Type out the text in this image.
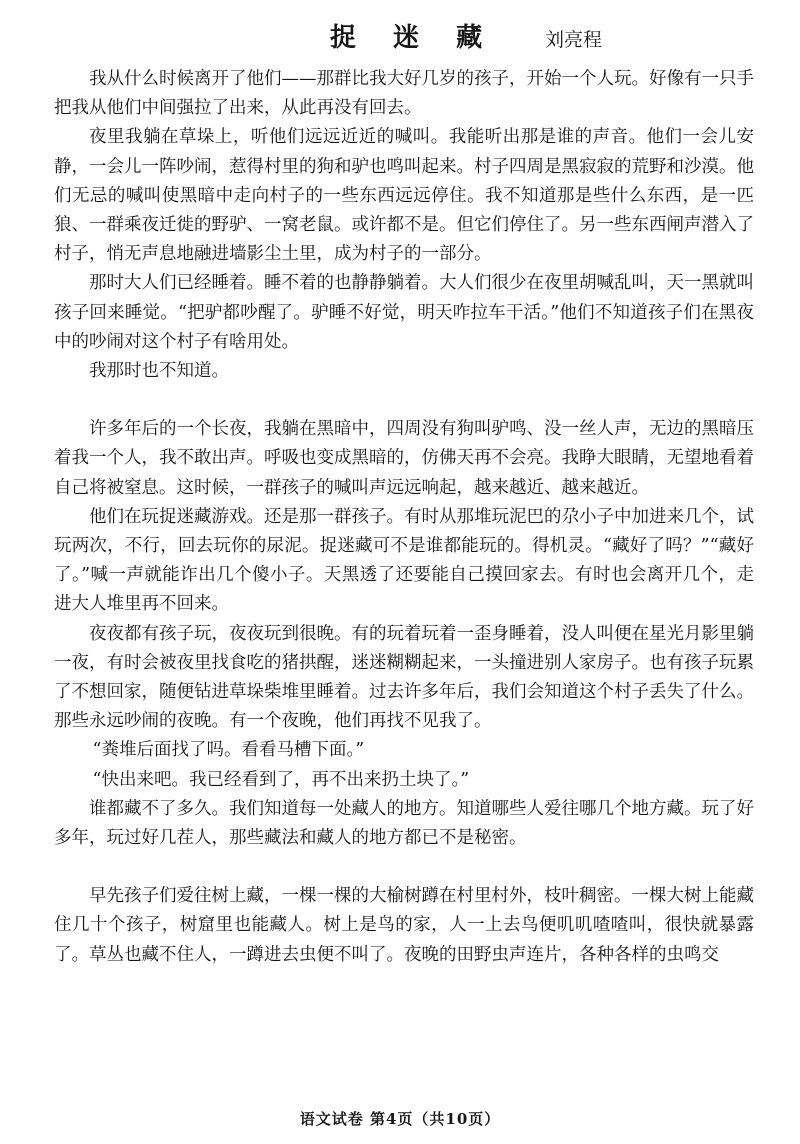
捉 迷 藏	刘亮程

我从什么时候离开了他们——那群比我大好几岁的孩子，开始一个人玩。好像有一只手把我从他们中间强拉了出来，从此再没有回去。

夜里我躺在草垛上，听他们远远近近的喊叫。我能听出那是谁的声音。他们一会儿安静，一会儿一阵吵闹，惹得村里的狗和驴也鸣叫起来。村子四周是黑寂寂的荒野和沙漠。他们无忌的喊叫使黑暗中走向村子的一些东西远远停住。我不知道那是些什么东西，是一匹狼、一群乘夜迁徙的野驴、一窝老鼠。或许都不是。但它们停住了。另一些东西闸声潜入了村子，悄无声息地融进墙影尘土里，成为村子的一部分。

那时大人们已经睡着。睡不着的也静静躺着。大人们很少在夜里胡喊乱叫，天一黑就叫孩子回来睡觉。“把驴都吵醒了。驴睡不好觉，明天咋拉车干活。”他们不知道孩子们在黑夜中的吵闹对这个村子有啥用处。

我那时也不知道。

许多年后的一个长夜，我躺在黑暗中，四周没有狗叫驴鸣、没一丝人声，无边的黑暗压着我一个人，我不敢出声。呼吸也变成黑暗的，仿佛天再不会亮。我睁大眼睛，无望地看着自己将被窒息。这时候，一群孩子的喊叫声远远响起，越来越近、越来越近。

他们在玩捉迷藏游戏。还是那一群孩子。有时从那堆玩泥巴的尕小子中加进来几个，试玩两次，不行，回去玩你的尿泥。捉迷藏可不是谁都能玩的。得机灵。“藏好了吗？”“藏好了。”喊一声就能诈出几个傻小子。天黑透了还要能自己摸回家去。有时也会离开几个，走进大人堆里再不回来。

夜夜都有孩子玩，夜夜玩到很晚。有的玩着玩着一歪身睡着，没人叫便在星光月影里躺一夜，有时会被夜里找食吃的猪拱醒，迷迷糊糊起来，一头撞进别人家房子。也有孩子玩累了不想回家，随便钻进草垛柴堆里睡着。过去许多年后，我们会知道这个村子丢失了什么。那些永远吵闹的夜晚。有一个夜晚，他们再找不见我了。

“粪堆后面找了吗。看看马槽下面。”

“快出来吧。我已经看到了，再不出来扔土块了。”

谁都藏不了多久。我们知道每一处藏人的地方。知道哪些人爱往哪几个地方藏。玩了好多年，玩过好几茬人，那些藏法和藏人的地方都已不是秘密。

早先孩子们爱往树上藏，一棵一棵的大榆树蹲在村里村外，枝叶稠密。一棵大树上能藏住几十个孩子，树窟里也能藏人。树上是鸟的家，人一上去鸟便叽叽喳喳叫，很快就暴露了。草丛也藏不住人，一蹲进去虫便不叫了。夜晚的田野虫声连片，各种各样的虫鸣交

语文试卷 第4页（共10页）
